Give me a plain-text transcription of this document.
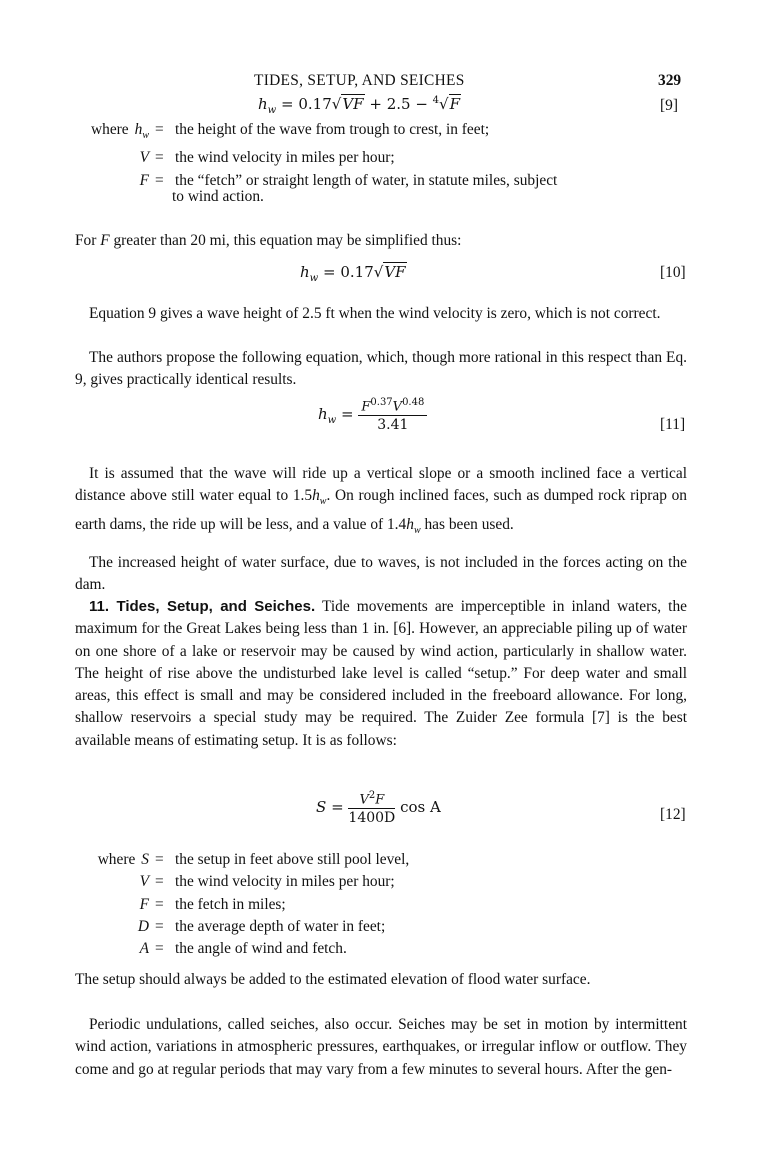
TIDES, SETUP, AND SEICHES	329
$h_w = 0.17√VF + 2.5 - ^4√F$	[9]
where $h_w$ = the height of the wave from trough to crest, in feet;
V = the wind velocity in miles per hour;
F = the “fetch” or straight length of water, in statute miles, subject
to wind action.
For F greater than 20 mi, this equation may be simplified thus:
$h_w = 0.17√VF$	[10]
Equation 9 gives a wave height of 2.5 ft when the wind velocity is zero, which is not correct.
The authors propose the following equation, which, though more rational in this respect than Eq. 9, gives practically identical results.
$h_w = \frac{F^{0.37}V^{0.48}}{3.41}$	[11]
It is assumed that the wave will ride up a vertical slope or a smooth inclined face a vertical distance above still water equal to $1.5h_w$. On rough inclined faces, such as dumped rock riprap on earth dams, the ride up will be less, and a value of $1.4h_w$ has been used.
The increased height of water surface, due to waves, is not included in the forces acting on the dam.
11. Tides, Setup, and Seiches. Tide movements are imperceptible in inland waters, the maximum for the Great Lakes being less than 1 in. [6]. However, an appreciable piling up of water on one shore of a lake or reservoir may be caused by wind action, particularly in shallow water. The height of rise above the undisturbed lake level is called “setup.” For deep water and small areas, this effect is small and may be considered included in the freeboard allowance. For long, shallow reservoirs a special study may be required. The Zuider Zee formula [7] is the best available means of estimating setup. It is as follows:
$S = \frac{V^2F}{1400D}$ cos A	[12]
where S = the setup in feet above still pool level,
V = the wind velocity in miles per hour;
F = the fetch in miles;
D = the average depth of water in feet;
A = the angle of wind and fetch.
The setup should always be added to the estimated elevation of flood water surface.
Periodic undulations, called seiches, also occur. Seiches may be set in motion by intermittent wind action, variations in atmospheric pressures, earthquakes, or irregular inflow or outflow. They come and go at regular periods that may vary from a few minutes to several hours. After the gen-
